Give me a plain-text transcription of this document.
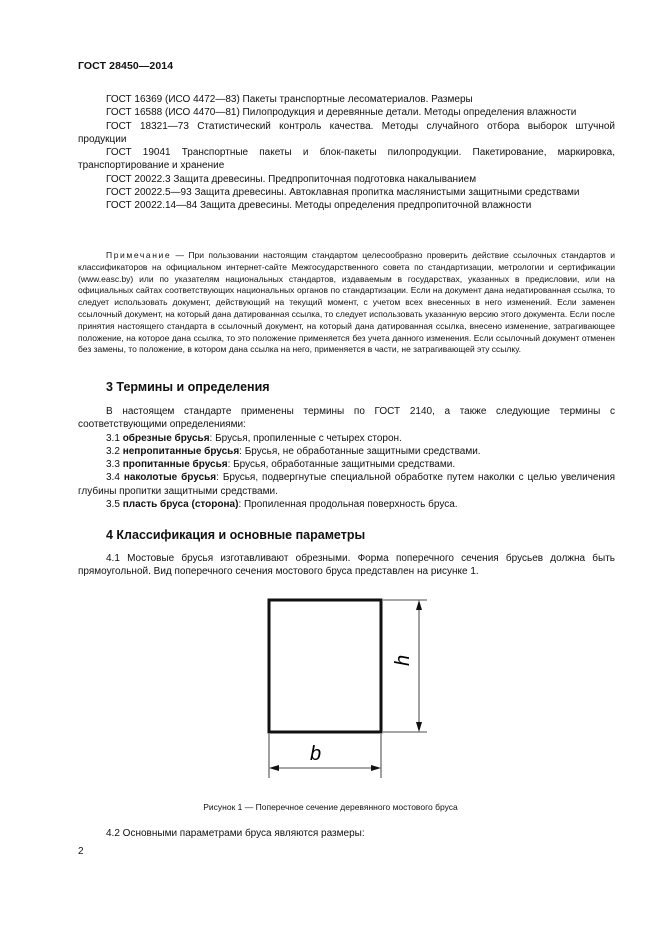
ГОСТ 28450—2014
ГОСТ 16369 (ИСО 4472—83) Пакеты транспортные лесоматериалов. Размеры
ГОСТ 16588 (ИСО 4470—81) Пилопродукция и деревянные детали. Методы определения влажности
ГОСТ 18321—73 Статистический контроль качества. Методы случайного отбора выборок штучной продукции
ГОСТ 19041 Транспортные пакеты и блок-пакеты пилопродукции. Пакетирование, маркировка, транспортирование и хранение
ГОСТ 20022.3 Защита древесины. Предпропиточная подготовка накалыванием
ГОСТ 20022.5—93 Защита древесины. Автоклавная пропитка маслянистыми защитными средствами
ГОСТ 20022.14—84 Защита древесины. Методы определения предпропиточной влажности
Примечание — При пользовании настоящим стандартом целесообразно проверить действие ссылочных стандартов и классификаторов на официальном интернет-сайте Межгосударственного совета по стандартизации, метрологии и сертификации (www.easc.by) или по указателям национальных стандартов, издаваемым в государствах, указанных в предисловии, или на официальных сайтах соответствующих национальных органов по стандартизации. Если на документ дана недатированная ссылка, то следует использовать документ, действующий на текущий момент, с учетом всех внесенных в него изменений. Если заменен ссылочный документ, на который дана датированная ссылка, то следует использовать указанную версию этого документа. Если после принятия настоящего стандарта в ссылочный документ, на который дана датированная ссылка, внесено изменение, затрагивающее положение, на которое дана ссылка, то это положение применяется без учета данного изменения. Если ссылочный документ отменен без замены, то положение, в котором дана ссылка на него, применяется в части, не затрагивающей эту ссылку.
3 Термины и определения
В настоящем стандарте применены термины по ГОСТ 2140, а также следующие термины с соответствующими определениями:
3.1 обрезные брусья: Брусья, пропиленные с четырех сторон.
3.2 непропитанные брусья: Брусья, не обработанные защитными средствами.
3.3 пропитанные брусья: Брусья, обработанные защитными средствами.
3.4 наколотые брусья: Брусья, подвергнутые специальной обработке путем наколки с целью увеличения глубины пропитки защитными средствами.
3.5 пласть бруса (сторона): Пропиленная продольная поверхность бруса.
4 Классификация и основные параметры
4.1 Мостовые брусья изготавливают обрезными. Форма поперечного сечения брусьев должна быть прямоугольной. Вид поперечного сечения мостового бруса представлен на рисунке 1.
h
b
Рисунок 1 — Поперечное сечение деревянного мостового бруса
4.2 Основными параметрами бруса являются размеры:
2
